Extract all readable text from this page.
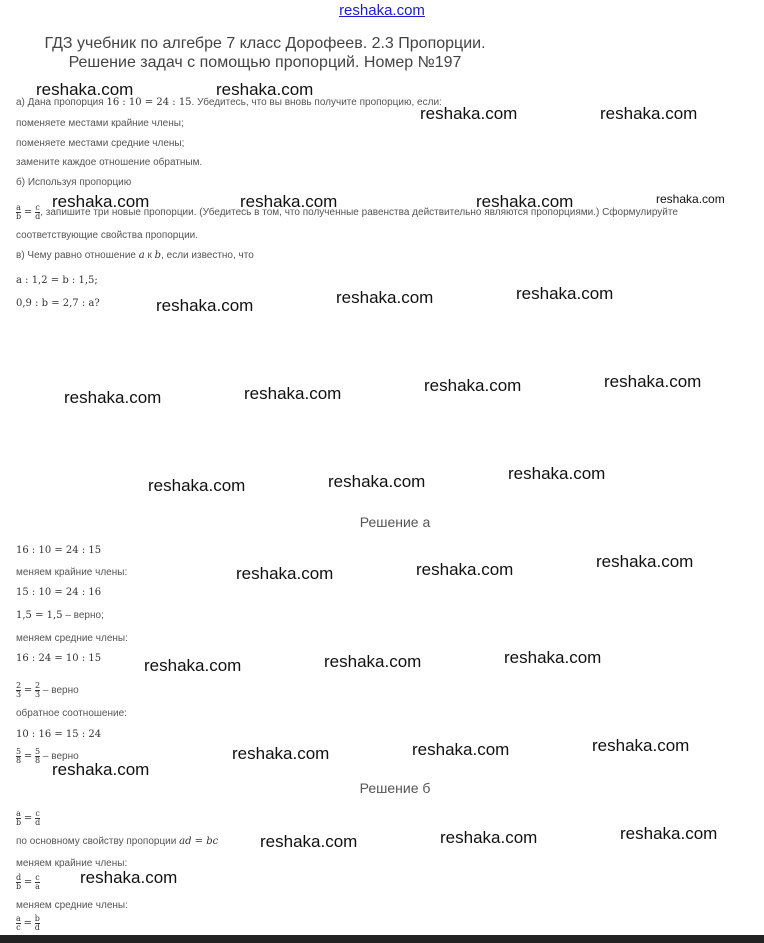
reshaka.com
ГДЗ учебник по алгебре 7 класс Дорофеев. 2.3 Пропорции.
Решение задач с помощью пропорций. Номер №197
а) Дана пропорция 16 : 10 = 24 : 15. Убедитесь, что вы вновь получите пропорцию, если:
поменяете местами крайние члены;
поменяете местами средние члены;
замените каждое отношение обратным.
б) Используя пропорцию
$\frac{a}{b} = \frac{c}{d}$ , запишите три новые пропорции. (Убедитесь в том, что полученные равенства действительно являются пропорциями.) Сформулируйте
соответствующие свойства пропорции.
в) Чему равно отношение a к b, если известно, что
a : 1,2 = b : 1,5;
0,9 : b = 2,7 : a?
Решение а
16 : 10 = 24 : 15
меняем крайние члены:
15 : 10 = 24 : 16
1,5 = 1,5 – верно;
меняем средние члены:
16 : 24 = 10 : 15
$\frac{2}{3} = \frac{2}{3}$ – верно
обратное соотношение:
10 : 16 = 15 : 24
$\frac{5}{8} = \frac{5}{8}$ – верно
Решение б
$\frac{a}{b} = \frac{c}{d}$
по основному свойству пропорции ad = bc
меняем крайние члены:
$\frac{d}{b} = \frac{c}{a}$
меняем средние члены:
$\frac{a}{c} = \frac{b}{d}$
reshaka.com	reshaka.com
reshaka.com	reshaka.com
reshaka.com	reshaka.com	reshaka.com	reshaka.com
reshaka.com	reshaka.com	reshaka.com
reshaka.com	reshaka.com	reshaka.com	reshaka.com
reshaka.com	reshaka.com	reshaka.com
reshaka.com	reshaka.com	reshaka.com
reshaka.com	reshaka.com	reshaka.com
reshaka.com	reshaka.com	reshaka.com
reshaka.com
reshaka.com	reshaka.com	reshaka.com
reshaka.com
